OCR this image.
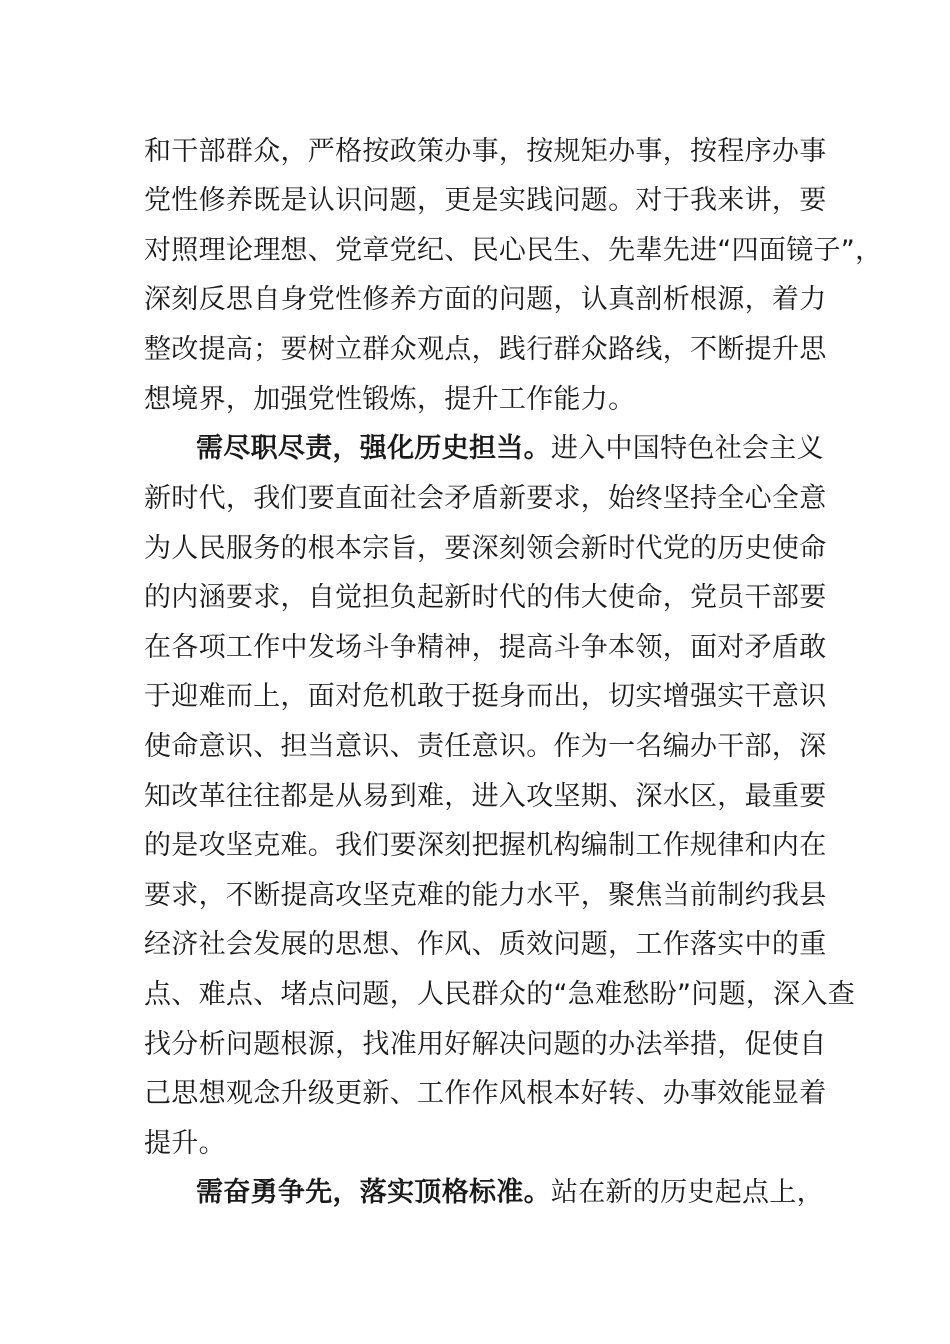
和干部群众，严格按政策办事，按规矩办事，按程序办事
党性修养既是认识问题，更是实践问题。对于我来讲，要
对照理论理想、党章党纪、民心民生、先辈先进“四面镜子”，
深刻反思自身党性修养方面的问题，认真剖析根源，着力
整改提高；要树立群众观点，践行群众路线，不断提升思
想境界，加强党性锻炼，提升工作能力。
需尽职尽责，强化历史担当。进入中国特色社会主义
新时代，我们要直面社会矛盾新要求，始终坚持全心全意
为人民服务的根本宗旨，要深刻领会新时代党的历史使命
的内涵要求，自觉担负起新时代的伟大使命，党员干部要
在各项工作中发场斗争精神，提高斗争本领，面对矛盾敢
于迎难而上，面对危机敢于挺身而出，切实增强实干意识
使命意识、担当意识、责任意识。作为一名编办干部，深
知改革往往都是从易到难，进入攻坚期、深水区，最重要
的是攻坚克难。我们要深刻把握机构编制工作规律和内在
要求，不断提高攻坚克难的能力水平，聚焦当前制约我县
经济社会发展的思想、作风、质效问题，工作落实中的重
点、难点、堵点问题，人民群众的“急难愁盼”问题，深入查
找分析问题根源，找准用好解决问题的办法举措，促使自
己思想观念升级更新、工作作风根本好转、办事效能显着
提升。
需奋勇争先，落实顶格标准。站在新的历史起点上，
